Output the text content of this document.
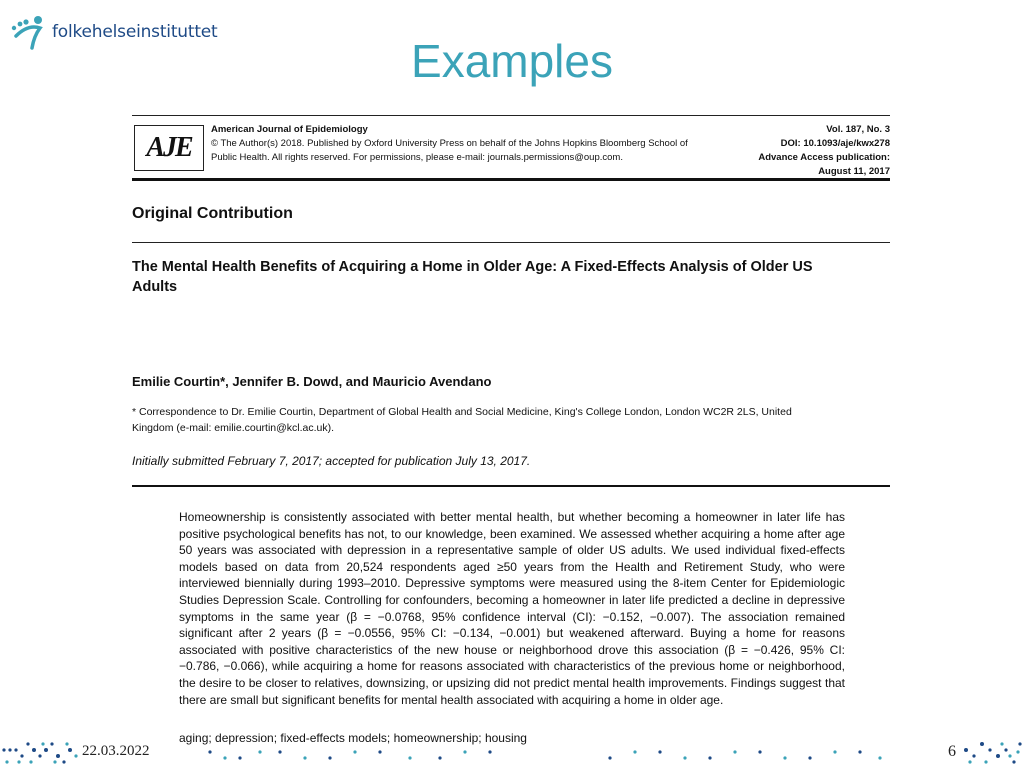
folkehelseinstituttet
Examples
AJE
American Journal of Epidemiology
© The Author(s) 2018. Published by Oxford University Press on behalf of the Johns Hopkins Bloomberg School of
Public Health. All rights reserved. For permissions, please e-mail: journals.permissions@oup.com.
Vol. 187, No. 3
DOI: 10.1093/aje/kwx278
Advance Access publication:
August 11, 2017
Original Contribution
The Mental Health Benefits of Acquiring a Home in Older Age: A Fixed-Effects Analysis of Older US Adults
Emilie Courtin*, Jennifer B. Dowd, and Mauricio Avendano
* Correspondence to Dr. Emilie Courtin, Department of Global Health and Social Medicine, King's College London, London WC2R 2LS, United Kingdom (e-mail: emilie.courtin@kcl.ac.uk).
Initially submitted February 7, 2017; accepted for publication July 13, 2017.
Homeownership is consistently associated with better mental health, but whether becoming a homeowner in later life has positive psychological benefits has not, to our knowledge, been examined. We assessed whether acquiring a home after age 50 years was associated with depression in a representative sample of older US adults. We used individual fixed-effects models based on data from 20,524 respondents aged ≥50 years from the Health and Retirement Study, who were interviewed biennially during 1993–2010. Depressive symptoms were measured using the 8-item Center for Epidemiologic Studies Depression Scale. Controlling for confounders, becoming a homeowner in later life predicted a decline in depressive symptoms in the same year (β = −0.0768, 95% confidence interval (CI): −0.152, −0.007). The association remained significant after 2 years (β = −0.0556, 95% CI: −0.134, −0.001) but weakened afterward. Buying a home for reasons associated with positive characteristics of the new house or neighborhood drove this association (β = −0.426, 95% CI: −0.786, −0.066), while acquiring a home for reasons associated with characteristics of the previous home or neighborhood, the desire to be closer to relatives, downsizing, or upsizing did not predict mental health improvements. Findings suggest that there are small but significant benefits for mental health associated with acquiring a home in older age.
aging; depression; fixed-effects models; homeownership; housing
22.03.2022	6
